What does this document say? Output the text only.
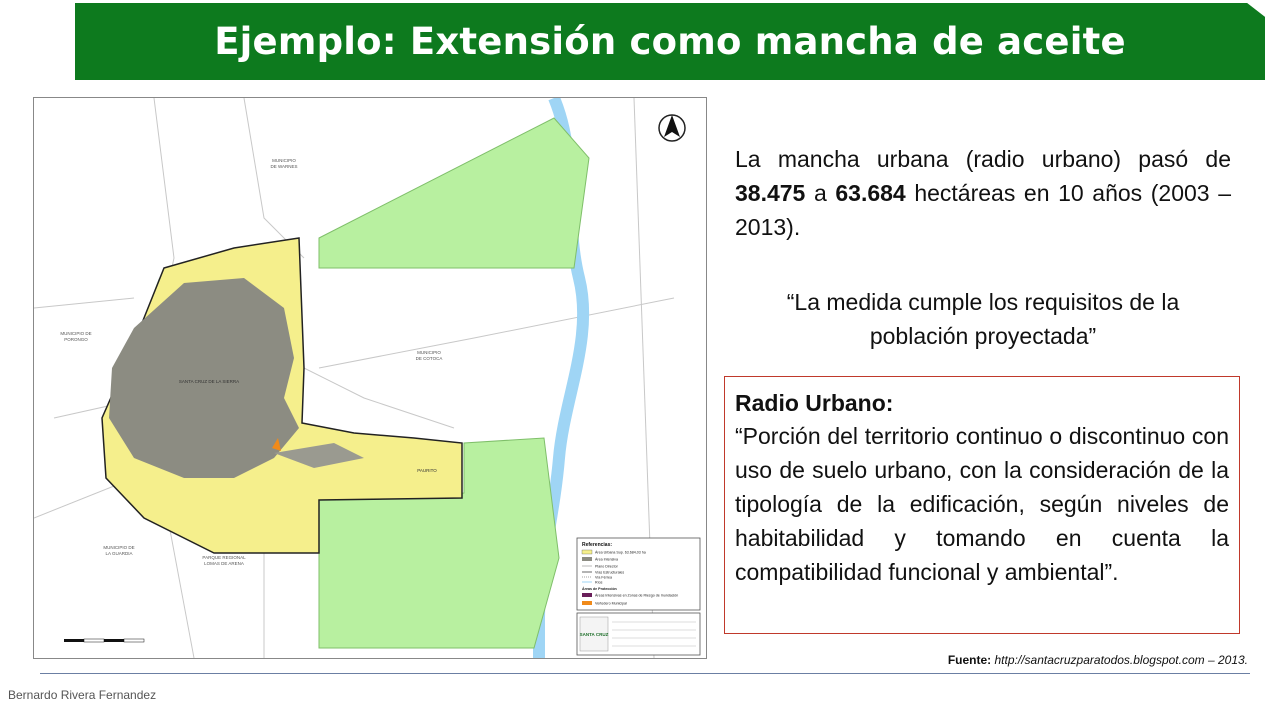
Ejemplo: Extensión como mancha de aceite
MUNICIPIO
DE WARNES
MUNICIPIO DE
PORONGO
MUNICIPIO
DE COTOCA
MUNICIPIO DE
LA GUARDIA
SANTA CRUZ DE LA SIERRA
PAURITO
PARQUE REGIONAL
LOMAS DE ARENA
Referencias:
Área Urbana Sup. 63.684,03 ha
Área Intensiva
Plano Director
Vías Estructurales
Vía Férrea
Ríos
Áreas de Protección
Áreas Intensivas en Zonas de Riesgo de Inundación
Vertedero Municipal
SANTA CRUZ
La mancha urbana (radio urbano) pasó de 38.475 a 63.684 hectáreas en 10 años (2003 – 2013).
“La medida cumple los requisitos de la población proyectada”
Radio Urbano:
“Porción del territorio continuo o discontinuo con uso de suelo urbano, con la consideración de la tipología de la edificación, según niveles de habitabilidad y tomando en cuenta la compatibilidad funcional y ambiental”.
Fuente: http://santacruzparatodos.blogspot.com – 2013.
Bernardo Rivera Fernandez
